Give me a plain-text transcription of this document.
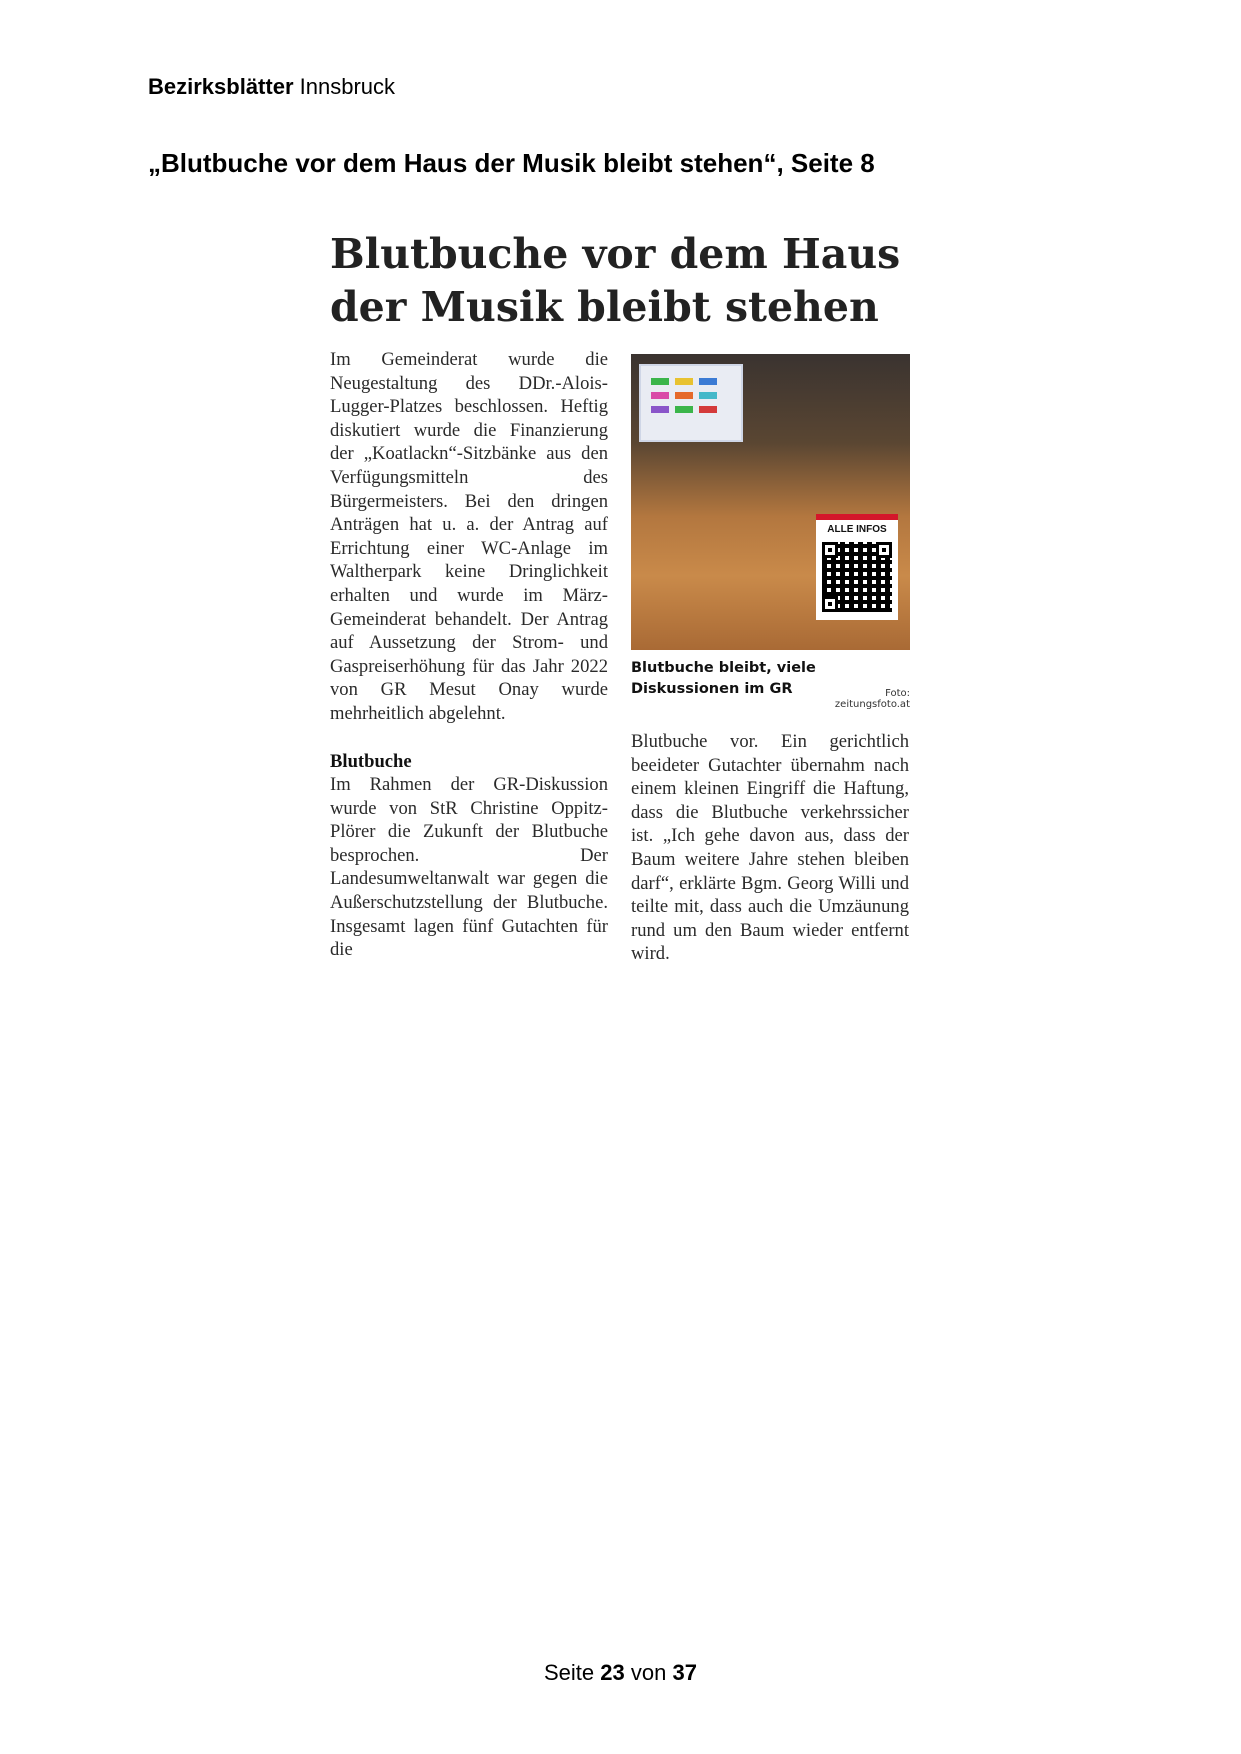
Bezirksblätter Innsbruck
„Blutbuche vor dem Haus der Musik bleibt stehen“, Seite 8
Blutbuche vor dem Haus
der Musik bleibt stehen

Im Gemeinderat wurde die Neugestaltung des DDr.-Alois-Lugger-Platzes beschlossen. Heftig diskutiert wurde die Finanzierung der „Koatlackn“-Sitzbänke aus den Verfügungsmitteln des Bürgermeisters. Bei den dringen Anträgen hat u. a. der Antrag auf Errichtung einer WC-Anlage im Waltherpark keine Dringlichkeit erhalten und wurde im März-Gemeinderat behandelt. Der Antrag auf Aussetzung der Strom- und Gaspreiserhöhung für das Jahr 2022 von GR Mesut Onay wurde mehrheitlich abgelehnt.

Blutbuche

Im Rahmen der GR-Diskussion wurde von StR Christine Oppitz-Plörer die Zukunft der Blutbuche besprochen. Der Landesumweltanwalt war gegen die Außerschutzstellung der Blutbuche. Insgesamt lagen fünf Gutachten für die

ALLE INFOS
Blutbuche bleibt, viele Diskussionen im GR	Foto: zeitungsfoto.at

Blutbuche vor. Ein gerichtlich beeideter Gutachter übernahm nach einem kleinen Eingriff die Haftung, dass die Blutbuche verkehrssicher ist. „Ich gehe davon aus, dass der Baum weitere Jahre stehen bleiben darf“, erklärte Bgm. Georg Willi und teilte mit, dass auch die Umzäunung rund um den Baum wieder entfernt wird.

Seite 23 von 37
